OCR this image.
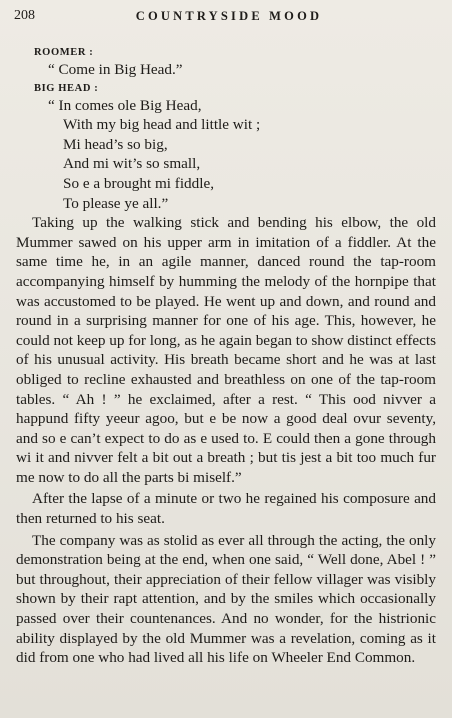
208	COUNTRYSIDE MOOD
ROOMER :
“ Come in Big Head.”
BIG HEAD :
“ In comes ole Big Head,
With my big head and little wit ;
Mi head’s so big,
And mi wit’s so small,
So e a brought mi fiddle,
To please ye all.”

Taking up the walking stick and bending his elbow, the old Mummer sawed on his upper arm in imitation of a fiddler. At the same time he, in an agile manner, danced round the tap-room accompanying himself by humming the melody of the hornpipe that was accustomed to be played. He went up and down, and round and round in a surprising manner for one of his age. This, however, he could not keep up for long, as he again began to show distinct effects of his unusual activity. His breath became short and he was at last obliged to recline exhausted and breathless on one of the tap-room tables. “ Ah ! ” he exclaimed, after a rest. “ This ood nivver a happund fifty yeeur agoo, but e be now a good deal ovur seventy, and so e can’t expect to do as e used to. E could then a gone through wi it and nivver felt a bit out a breath ; but tis jest a bit too much fur me now to do all the parts bi miself.”

After the lapse of a minute or two he regained his composure and then returned to his seat.

The company was as stolid as ever all through the acting, the only demonstration being at the end, when one said, “ Well done, Abel ! ” but throughout, their appreciation of their fellow villager was visibly shown by their rapt attention, and by the smiles which occasionally passed over their countenances. And no wonder, for the histrionic ability displayed by the old Mummer was a revelation, coming as it did from one who had lived all his life on Wheeler End Common.
